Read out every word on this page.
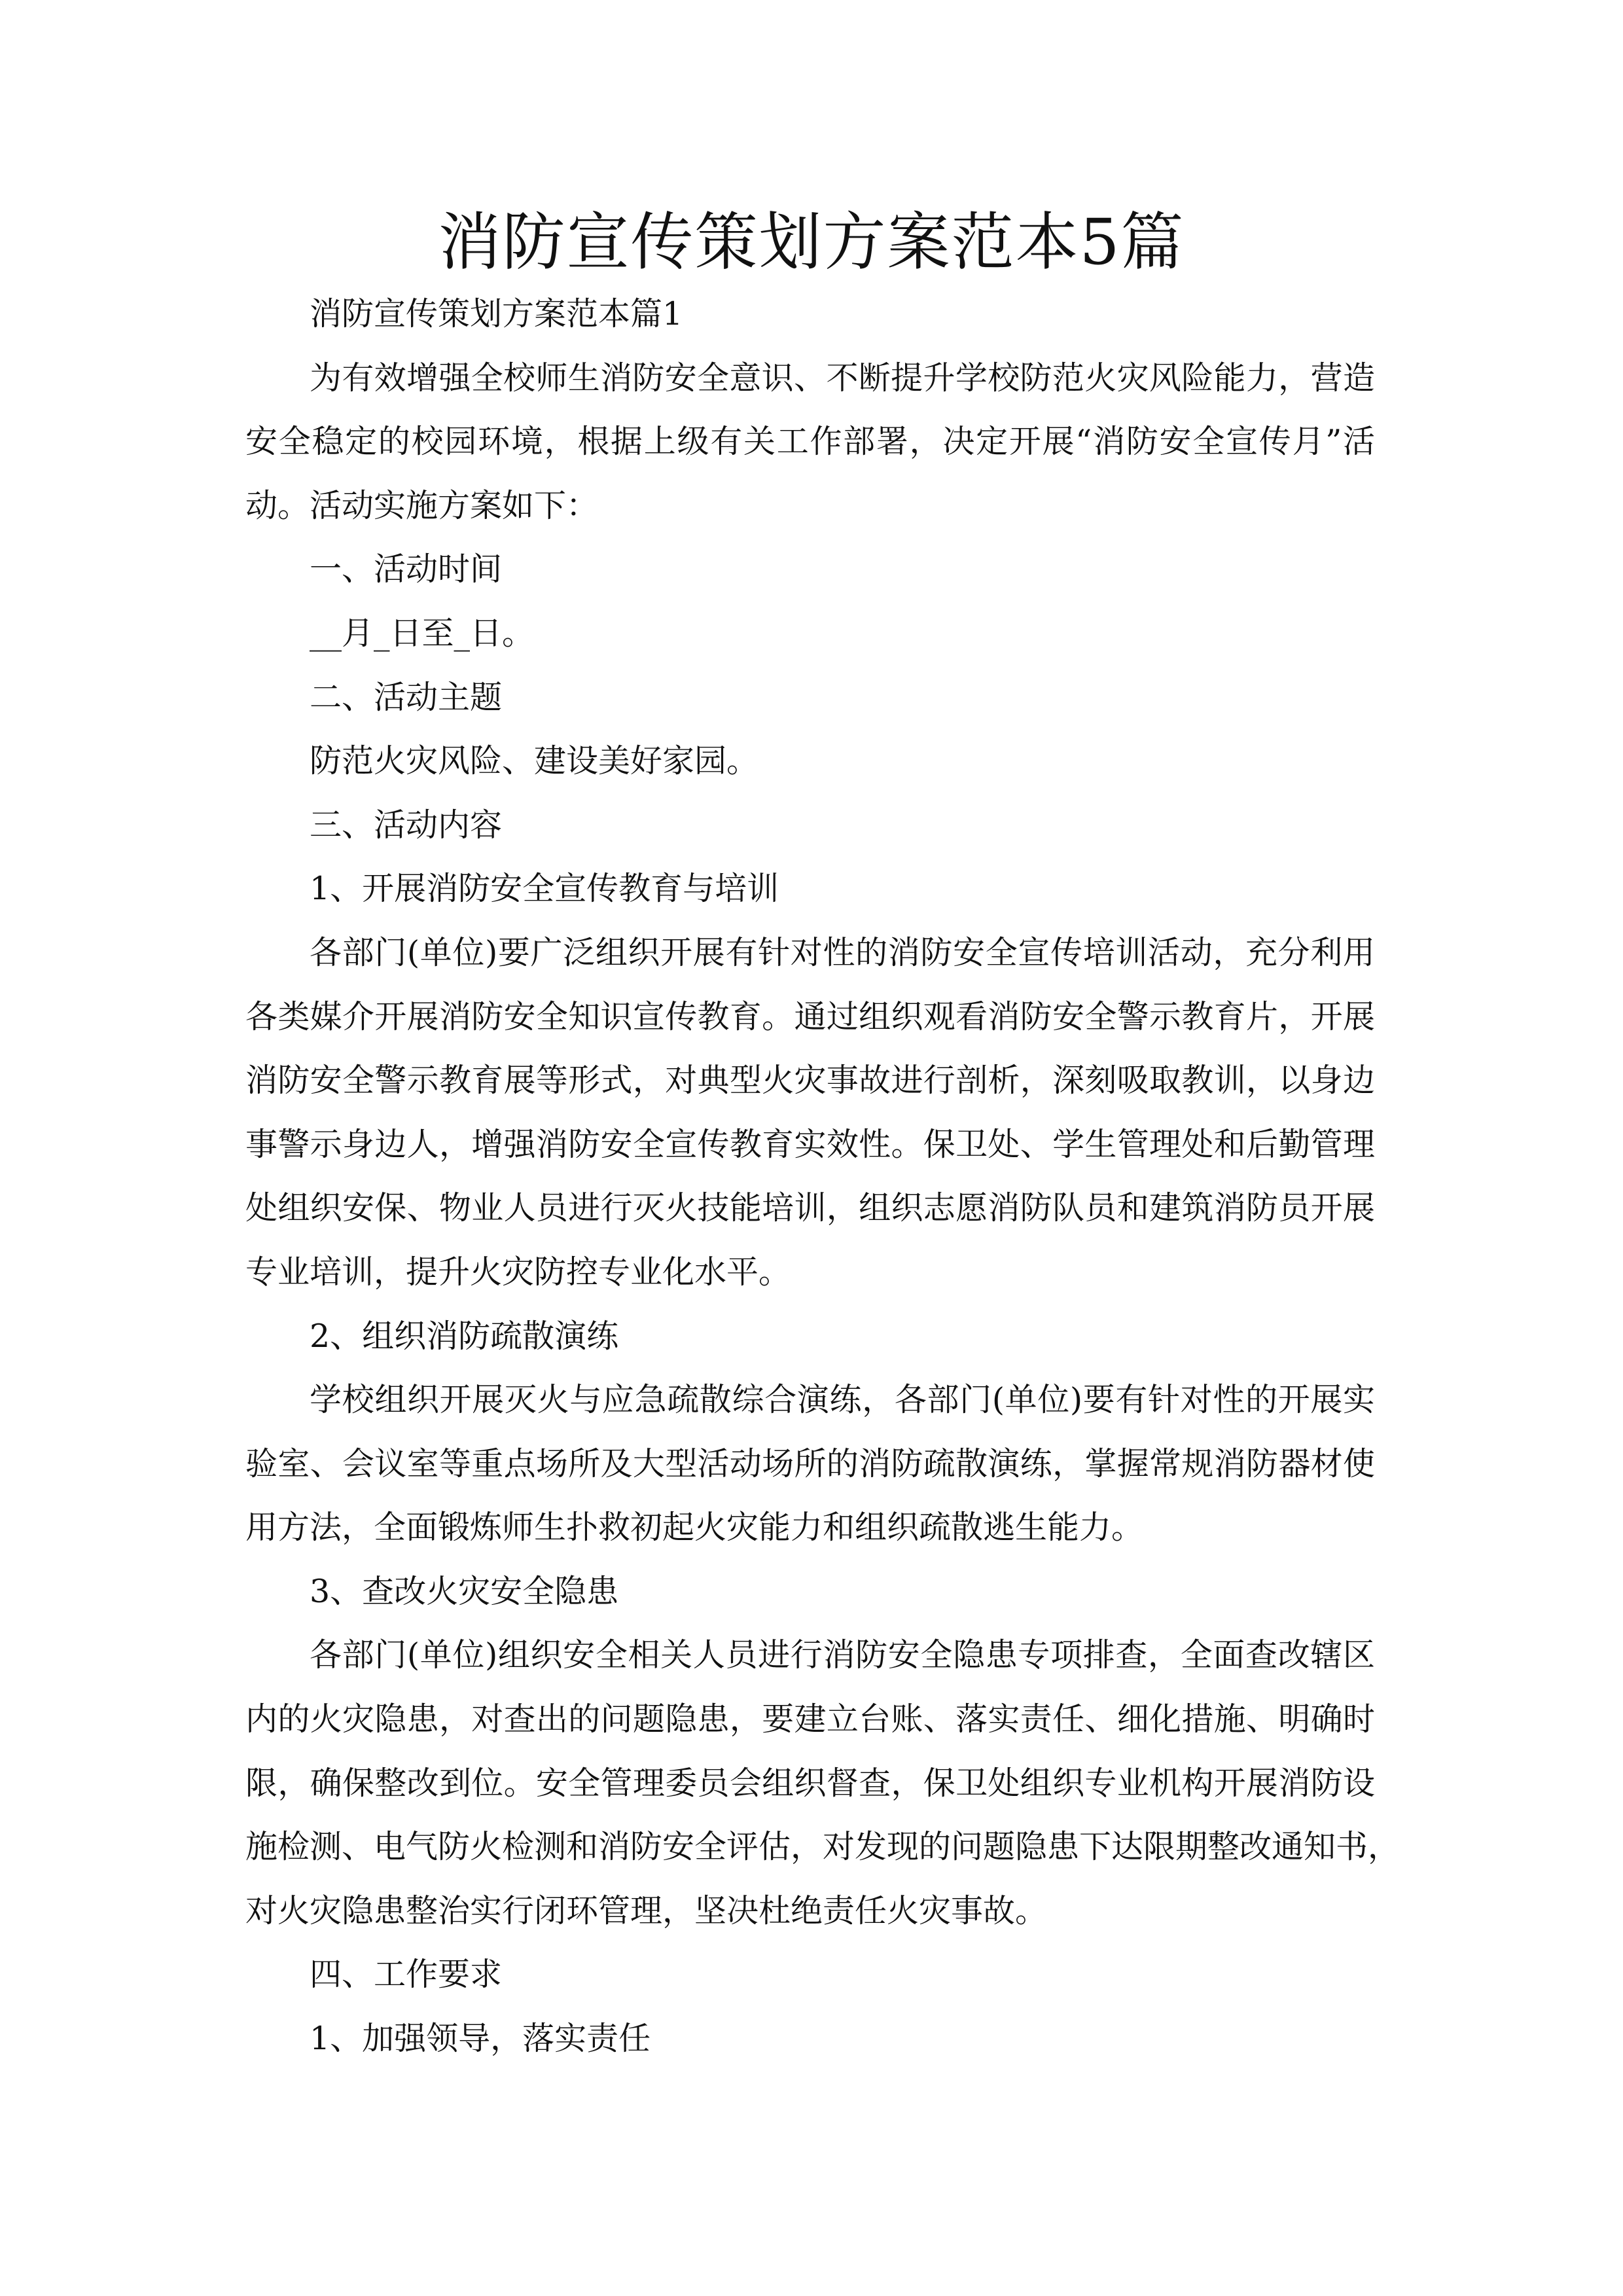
消防宣传策划方案范本5篇
消防宣传策划方案范本篇1
为有效增强全校师生消防安全意识、不断提升学校防范火灾风险能力，营造
安全稳定的校园环境，根据上级有关工作部署，决定开展“消防安全宣传月”活
动。活动实施方案如下：
一、活动时间
__月_日至_日。
二、活动主题
防范火灾风险、建设美好家园。
三、活动内容
1、开展消防安全宣传教育与培训
各部门(单位)要广泛组织开展有针对性的消防安全宣传培训活动，充分利用
各类媒介开展消防安全知识宣传教育。通过组织观看消防安全警示教育片，开展
消防安全警示教育展等形式，对典型火灾事故进行剖析，深刻吸取教训，以身边
事警示身边人，增强消防安全宣传教育实效性。保卫处、学生管理处和后勤管理
处组织安保、物业人员进行灭火技能培训，组织志愿消防队员和建筑消防员开展
专业培训，提升火灾防控专业化水平。
2、组织消防疏散演练
学校组织开展灭火与应急疏散综合演练，各部门(单位)要有针对性的开展实
验室、会议室等重点场所及大型活动场所的消防疏散演练，掌握常规消防器材使
用方法，全面锻炼师生扑救初起火灾能力和组织疏散逃生能力。
3、查改火灾安全隐患
各部门(单位)组织安全相关人员进行消防安全隐患专项排查，全面查改辖区
内的火灾隐患，对查出的问题隐患，要建立台账、落实责任、细化措施、明确时
限，确保整改到位。安全管理委员会组织督查，保卫处组织专业机构开展消防设
施检测、电气防火检测和消防安全评估，对发现的问题隐患下达限期整改通知书，
对火灾隐患整治实行闭环管理，坚决杜绝责任火灾事故。
四、工作要求
1、加强领导，落实责任
